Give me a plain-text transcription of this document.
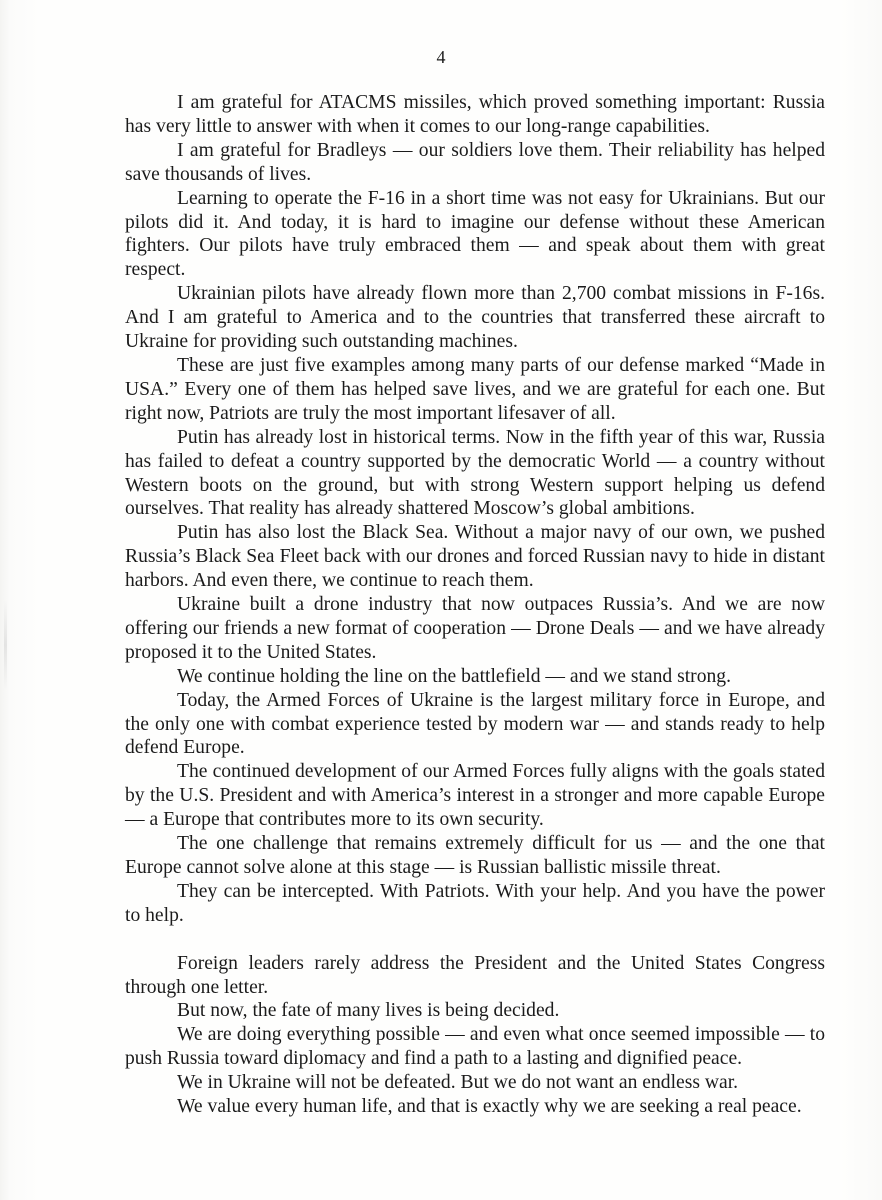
4

I am grateful for ATACMS missiles, which proved something important: Russia has very little to answer with when it comes to our long-range capabilities.

I am grateful for Bradleys — our soldiers love them. Their reliability has helped save thousands of lives.

Learning to operate the F-16 in a short time was not easy for Ukrainians. But our pilots did it. And today, it is hard to imagine our defense without these American fighters. Our pilots have truly embraced them — and speak about them with great respect.

Ukrainian pilots have already flown more than 2,700 combat missions in F-16s. And I am grateful to America and to the countries that transferred these aircraft to Ukraine for providing such outstanding machines.

These are just five examples among many parts of our defense marked “Made in USA.” Every one of them has helped save lives, and we are grateful for each one. But right now, Patriots are truly the most important lifesaver of all.

Putin has already lost in historical terms. Now in the fifth year of this war, Russia has failed to defeat a country supported by the democratic World — a country without Western boots on the ground, but with strong Western support helping us defend ourselves. That reality has already shattered Moscow’s global ambitions.

Putin has also lost the Black Sea. Without a major navy of our own, we pushed Russia’s Black Sea Fleet back with our drones and forced Russian navy to hide in distant harbors. And even there, we continue to reach them.

Ukraine built a drone industry that now outpaces Russia’s. And we are now offering our friends a new format of cooperation — Drone Deals — and we have already proposed it to the United States.

We continue holding the line on the battlefield — and we stand strong.

Today, the Armed Forces of Ukraine is the largest military force in Europe, and the only one with combat experience tested by modern war — and stands ready to help defend Europe.

The continued development of our Armed Forces fully aligns with the goals stated by the U.S. President and with America’s interest in a stronger and more capable Europe — a Europe that contributes more to its own security.

The one challenge that remains extremely difficult for us — and the one that Europe cannot solve alone at this stage — is Russian ballistic missile threat.

They can be intercepted. With Patriots. With your help. And you have the power to help.

Foreign leaders rarely address the President and the United States Congress through one letter.

But now, the fate of many lives is being decided.

We are doing everything possible — and even what once seemed impossible — to push Russia toward diplomacy and find a path to a lasting and dignified peace.

We in Ukraine will not be defeated. But we do not want an endless war.

We value every human life, and that is exactly why we are seeking a real peace.
